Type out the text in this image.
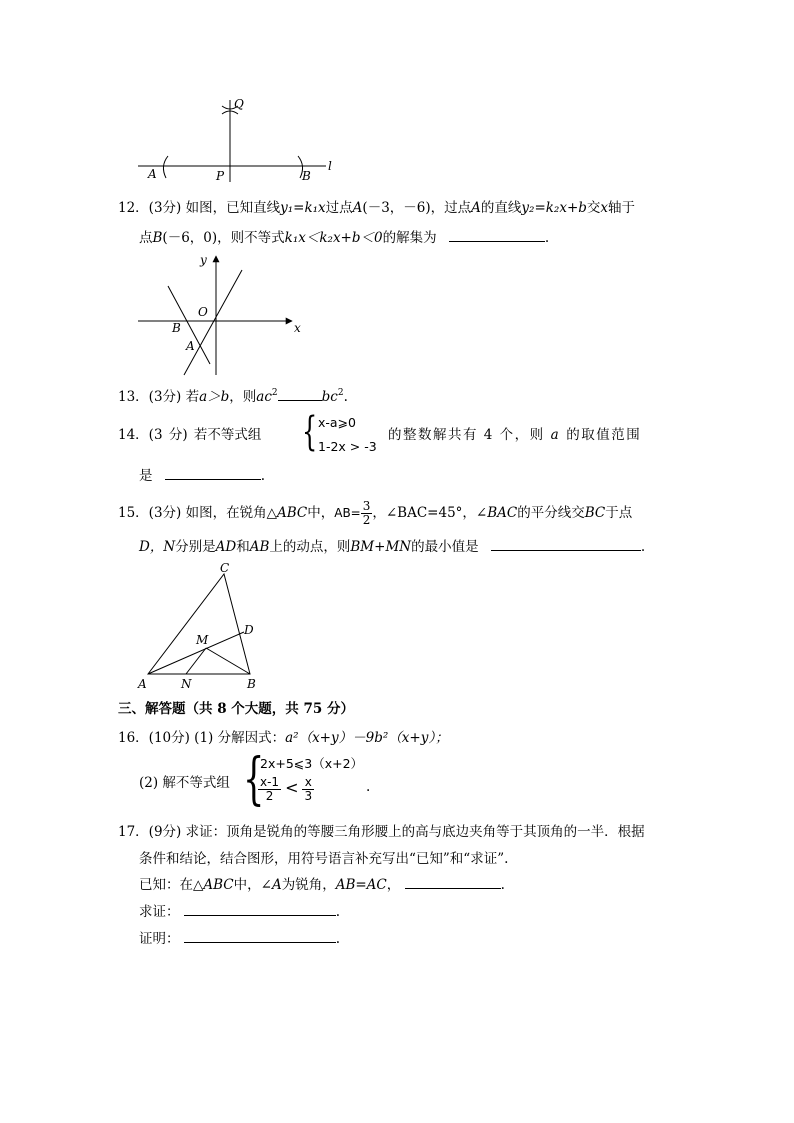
Q
P
A	B
l
12．(3分) 如图，已知直线y₁=k₁x过点A(－3，－6)，过点A的直线y₂=k₂x+b交x轴于
点B(－6，0)，则不等式k₁x＜k₂x+b＜0的解集为	.
y
x
O
B
A
13．(3分) 若a＞b，则$ac^2$	$bc^2$.
14．(3 分) 若不等式组 { x-a⩾0
1-2x > -3
的整数解共有 4 个，则 a 的取值范围
是	.
15．(3分) 如图，在锐角△ABC中，$AB= \frac{3}{2}$ ，∠BAC=45°，∠BAC的平分线交BC于点
D，N分别是AD和AB上的动点，则BM+MN的最小值是	.
C
D
M
A	N	B
三、解答题（共 8 个大题，共 75 分）
16．(10分) (1) 分解因式：a²（x+y）－9b²（x+y）；
(2) 解不等式组 {
2x+5⩽3（x+2）
$\frac{x-1}{2} < \frac{x}{3}$	.
17．(9分) 求证：顶角是锐角的等腰三角形腰上的高与底边夹角等于其顶角的一半．根据
条件和结论，结合图形，用符号语言补充写出“已知”和“求证”.
已知：在△ABC中，∠A为锐角，AB=AC，	.
求证：	.
证明：	.
